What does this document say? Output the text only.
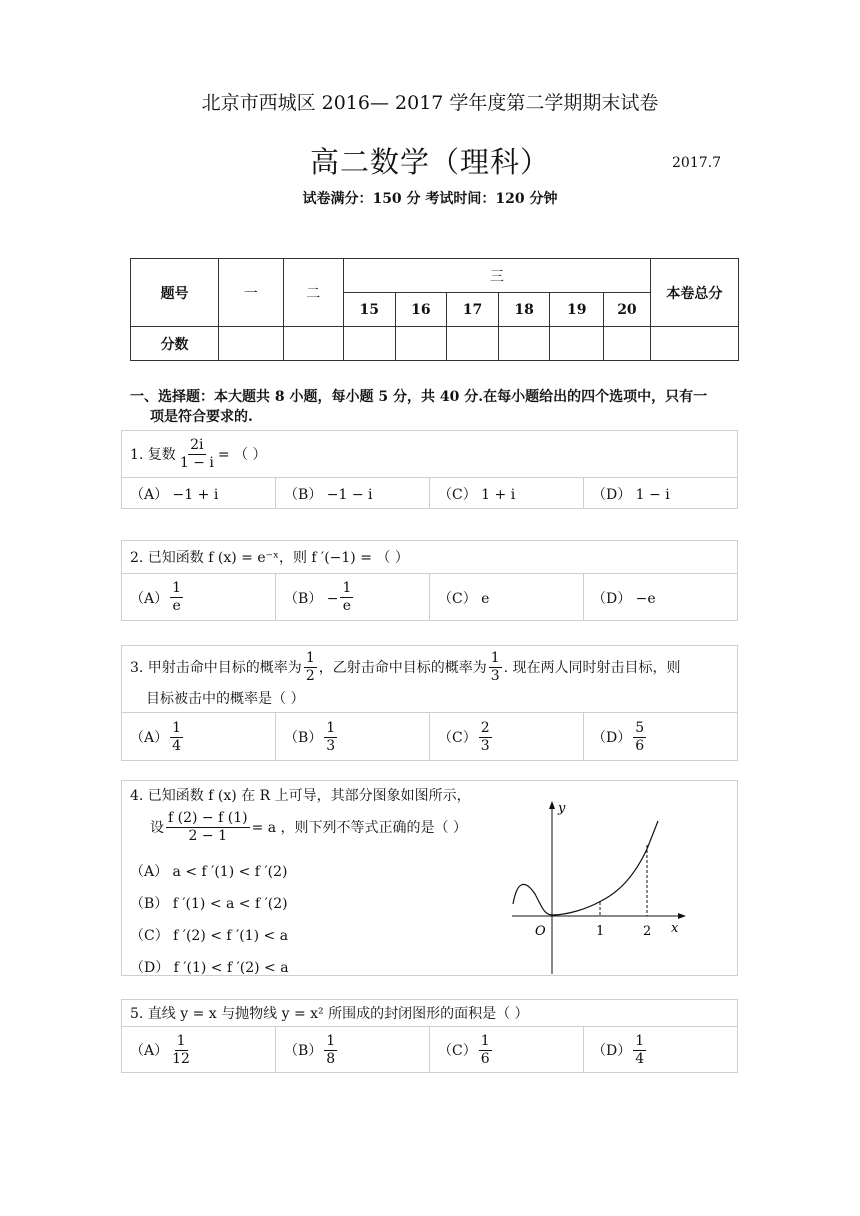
北京市西城区 2016— 2017 学年度第二学期期末试卷
高二数学（理科）	2017.7
试卷满分：150 分 考试时间：120 分钟
题号	一	二	三						本卷总分
			15	16	17	18	19	20	
分数									
一、选择题：本大题共 8 小题，每小题 5 分，共 40 分.在每小题给出的四个选项中，只有一
项是符合要求的.
1. 复数 $\frac{2i}{1 - i}$ = （ ）
（A） −1 + i	（B） −1 − i	（C） 1 + i	（D） 1 − i
2. 已知函数 f (x) = e⁻ˣ，则 f ′(−1) = （ ）
$(A) \frac{1}{e}$	$(B) - \frac{1}{e}$	（C） e	（D） −e
3. 甲射击命中目标的概率为 $\frac{1}{2}$ ，乙射击命中目标的概率为 $\frac{1}{3}$ . 现在两人同时射击目标，则
目标被击中的概率是（ ）
$(A) \frac{1}{4}$	$(B) \frac{1}{3}$	$(C) \frac{2}{3}$	$(D) \frac{5}{6}$
4. 已知函数 f (x) 在 R 上可导，其部分图象如图所示，
设 $\frac{f (2) - f (1)}{2 - 1} = a$ ，则下列不等式正确的是（ ）
（A） a < f ′(1) < f ′(2)
（B） f ′(1) < a < f ′(2)
（C） f ′(2) < f ′(1) < a
（D） f ′(1) < f ′(2) < a
y
x
O	1	2
5. 直线 y = x 与抛物线 y = x² 所围成的封闭图形的面积是（ ）
$(A) \frac{1}{12}$	$(B) \frac{1}{8}$	$(C) \frac{1}{6}$	$(D) \frac{1}{4}$
